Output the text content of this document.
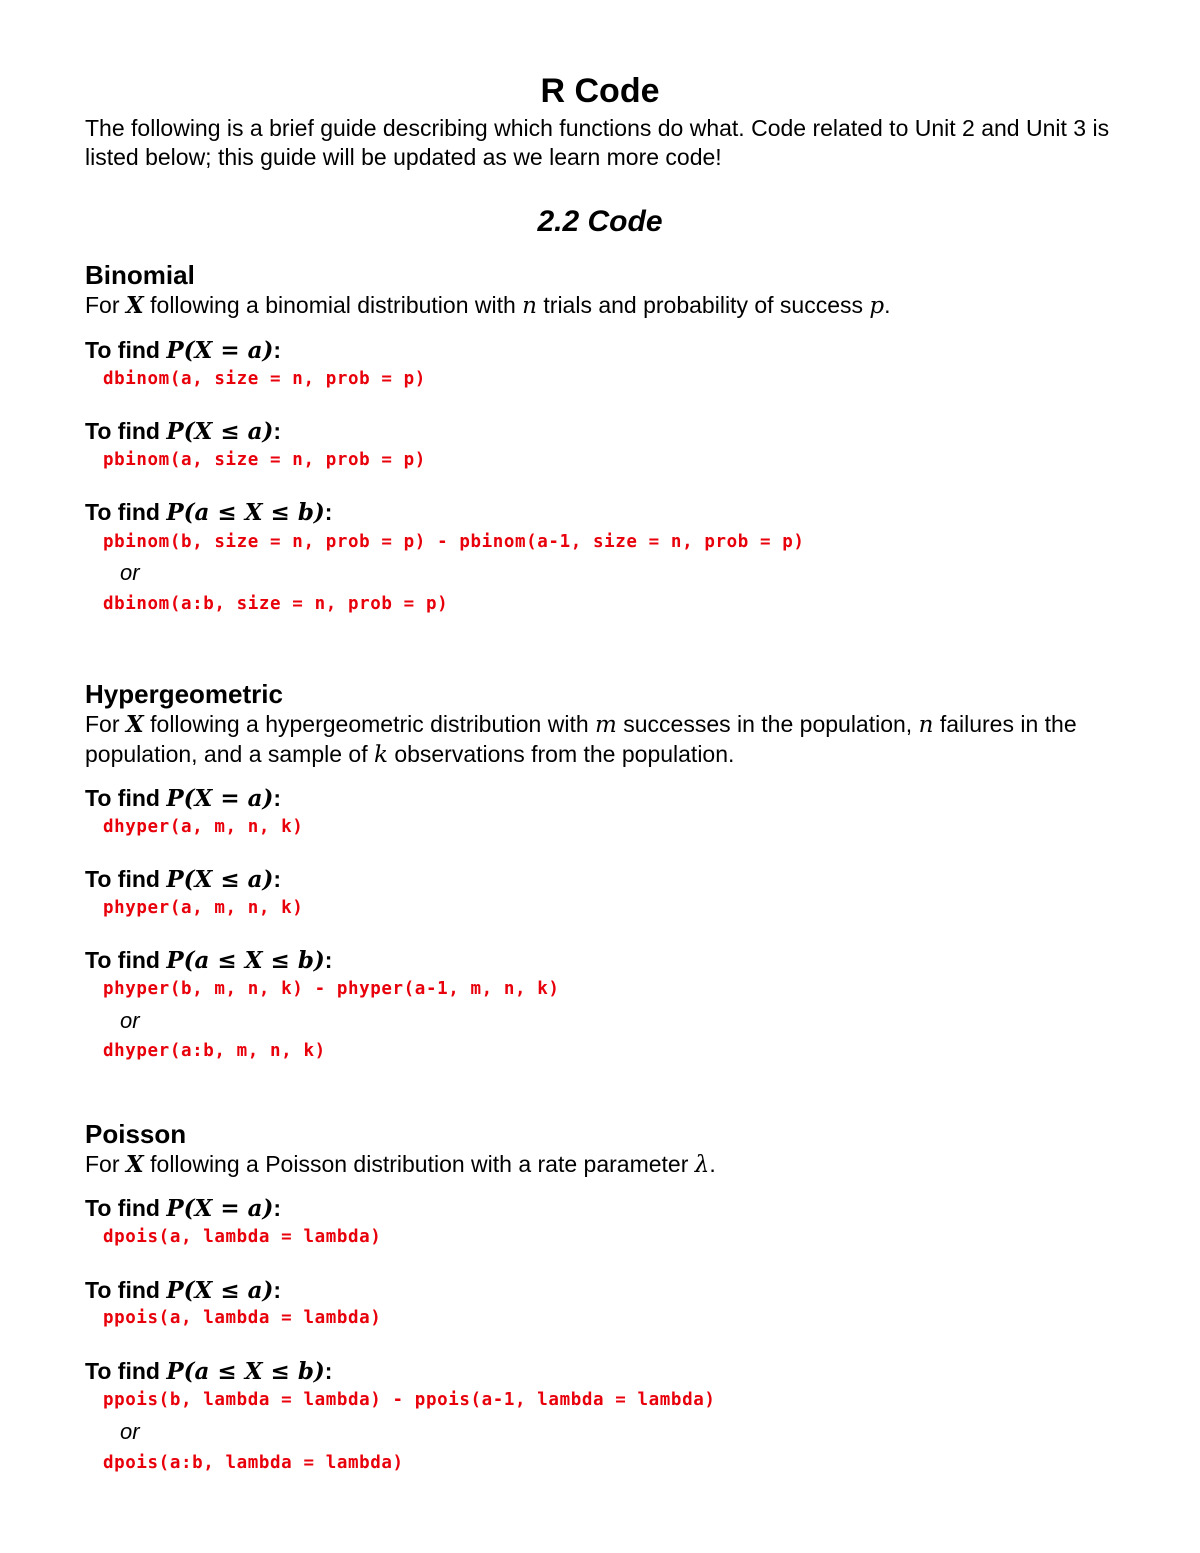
R Code
The following is a brief guide describing which functions do what. Code related to Unit 2 and Unit 3 is listed below; this guide will be updated as we learn more code!
2.2 Code
Binomial
For X following a binomial distribution with n trials and probability of success p.
To find P(X = a):
dbinom(a, size = n, prob = p)
To find P(X ≤ a):
pbinom(a, size = n, prob = p)
To find P(a ≤ X ≤ b):
pbinom(b, size = n, prob = p) - pbinom(a-1, size = n, prob = p)
or
dbinom(a:b, size = n, prob = p)
Hypergeometric
For X following a hypergeometric distribution with m successes in the population, n failures in the population, and a sample of k observations from the population.
To find P(X = a):
dhyper(a, m, n, k)
To find P(X ≤ a):
phyper(a, m, n, k)
To find P(a ≤ X ≤ b):
phyper(b, m, n, k) - phyper(a-1, m, n, k)
or
dhyper(a:b, m, n, k)
Poisson
For X following a Poisson distribution with a rate parameter λ.
To find P(X = a):
dpois(a, lambda = lambda)
To find P(X ≤ a):
ppois(a, lambda = lambda)
To find P(a ≤ X ≤ b):
ppois(b, lambda = lambda) - ppois(a-1, lambda = lambda)
or
dpois(a:b, lambda = lambda)
